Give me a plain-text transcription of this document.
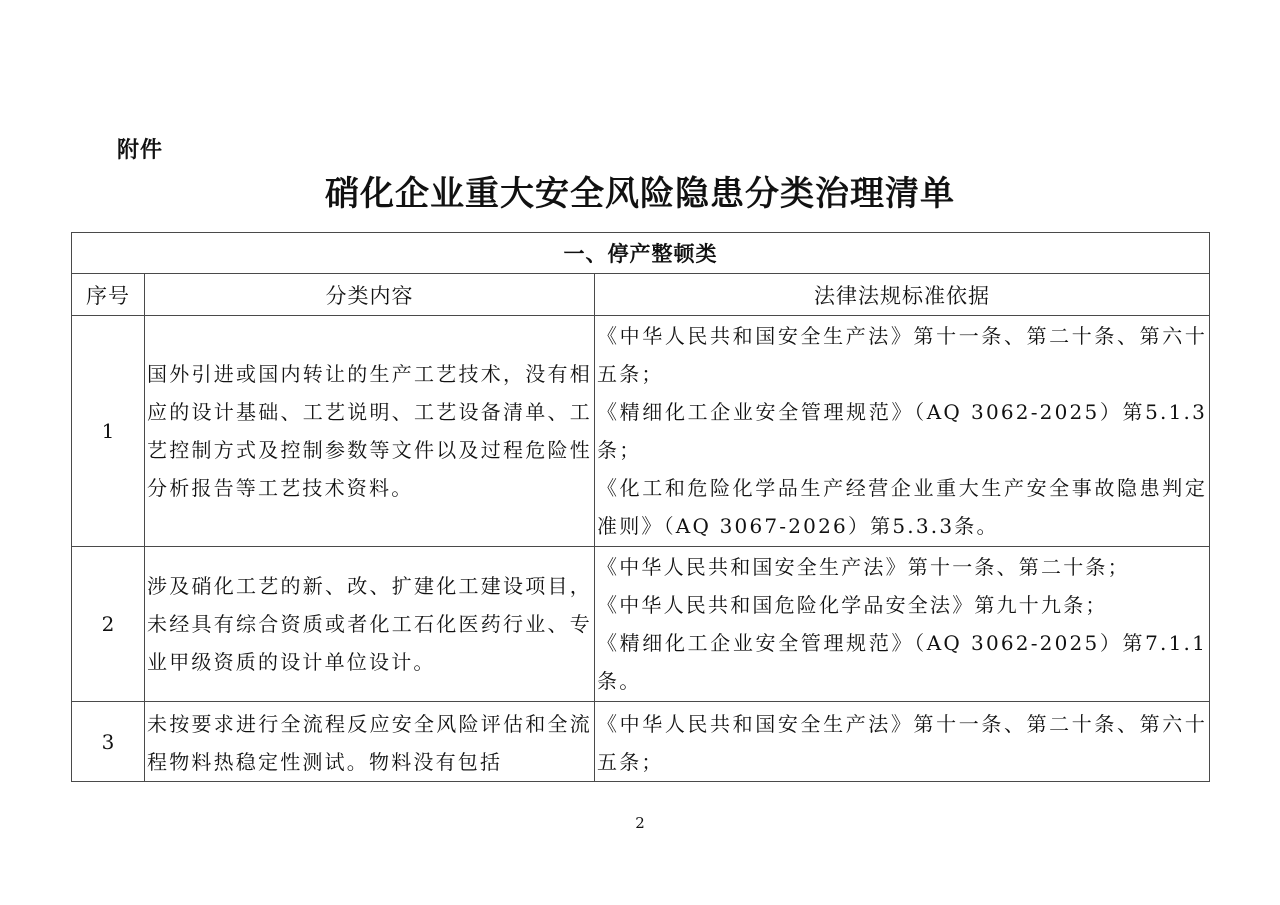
附件
硝化企业重大安全风险隐患分类治理清单
一、停产整顿类		
序号	分类内容	法律法规标准依据
1	国外引进或国内转让的生产工艺技术，没有相应的设计基础、工艺说明、工艺设备清单、工艺控制方式及控制参数等文件以及过程危险性分析报告等工艺技术资料。	《中华人民共和国安全生产法》第十一条、第二十条、第六十五条；
《精细化工企业安全管理规范》（AQ 3062-2025）第5.1.3条；
《化工和危险化学品生产经营企业重大生产安全事故隐患判定准则》（AQ 3067-2026）第5.3.3条。

2	涉及硝化工艺的新、改、扩建化工建设项目，未经具有综合资质或者化工石化医药行业、专业甲级资质的设计单位设计。	《中华人民共和国安全生产法》第十一条、第二十条；
《中华人民共和国危险化学品安全法》第九十九条；
《精细化工企业安全管理规范》（AQ 3062-2025）第7.1.1条。

3	未按要求进行全流程反应安全风险评估和全流程物料热稳定性测试。物料没有包括	《中华人民共和国安全生产法》第十一条、第二十条、第六十五条；
2
